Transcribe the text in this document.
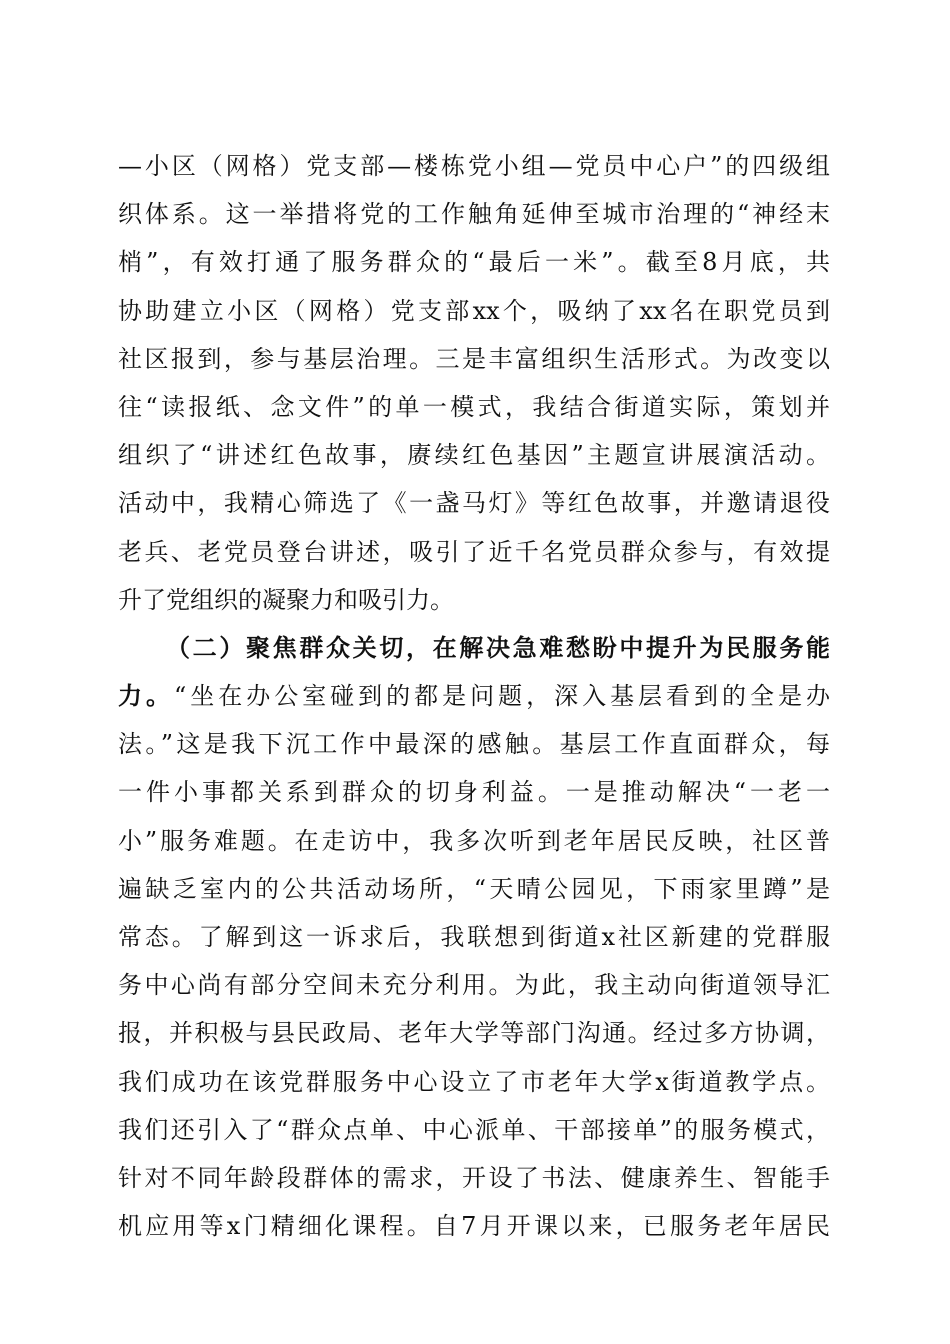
—小区（网格）党支部—楼栋党小组—党员中心户”的四级组
织体系。这一举措将党的工作触角延伸至城市治理的“神经末
梢”，有效打通了服务群众的“最后一米”。截至8月底，共
协助建立小区（网格）党支部xx个，吸纳了xx名在职党员到
社区报到，参与基层治理。三是丰富组织生活形式。为改变以
往“读报纸、念文件”的单一模式，我结合街道实际，策划并
组织了“讲述红色故事，赓续红色基因”主题宣讲展演活动。
活动中，我精心筛选了《一盏马灯》等红色故事，并邀请退役
老兵、老党员登台讲述，吸引了近千名党员群众参与，有效提
升了党组织的凝聚力和吸引力。
（二）聚焦群众关切，在解决急难愁盼中提升为民服务能
力。“坐在办公室碰到的都是问题，深入基层看到的全是办
法。”这是我下沉工作中最深的感触。基层工作直面群众，每
一件小事都关系到群众的切身利益。一是推动解决“一老一
小”服务难题。在走访中，我多次听到老年居民反映，社区普
遍缺乏室内的公共活动场所，“天晴公园见，下雨家里蹲”是
常态。了解到这一诉求后，我联想到街道x社区新建的党群服
务中心尚有部分空间未充分利用。为此，我主动向街道领导汇
报，并积极与县民政局、老年大学等部门沟通。经过多方协调，
我们成功在该党群服务中心设立了市老年大学x街道教学点。
我们还引入了“群众点单、中心派单、干部接单”的服务模式，
针对不同年龄段群体的需求，开设了书法、健康养生、智能手
机应用等x门精细化课程。自7月开课以来，已服务老年居民
